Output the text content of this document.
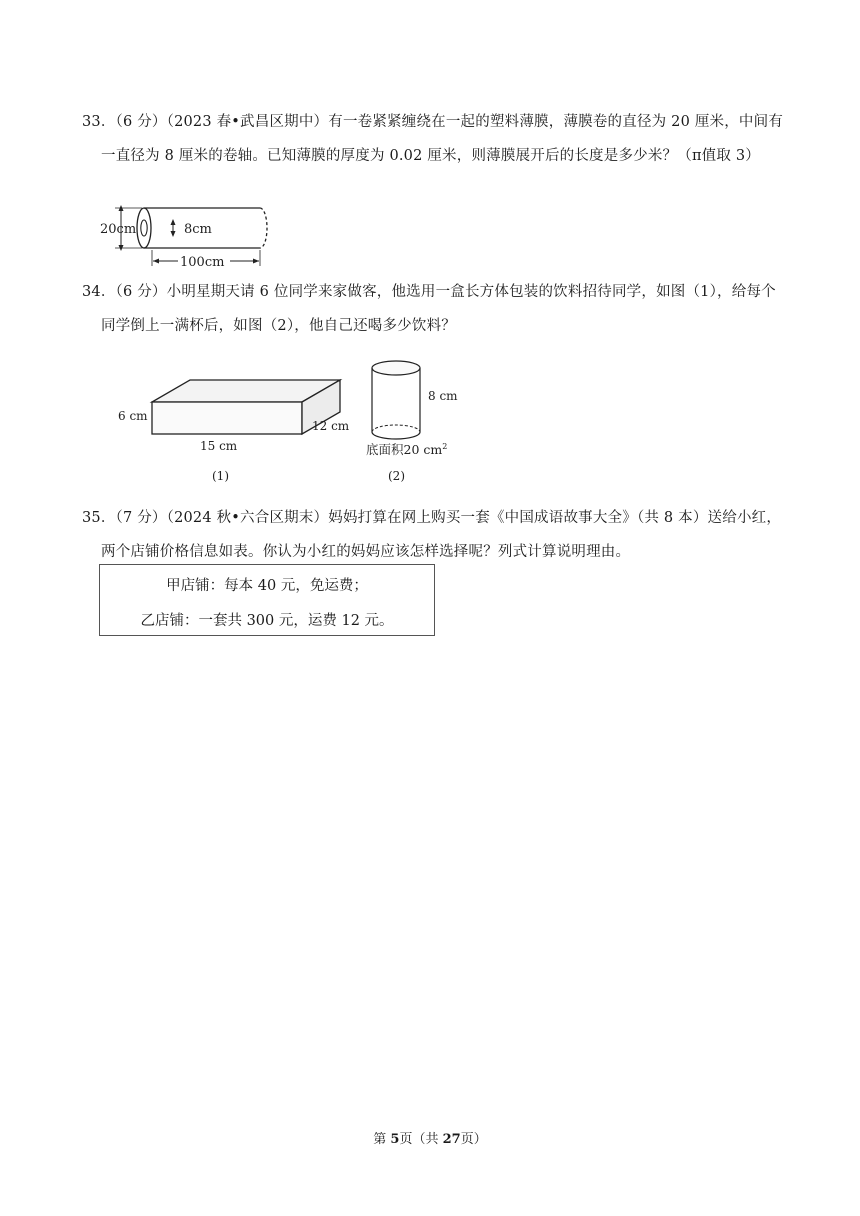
33．（6 分）（2023 春•武昌区期中）有一卷紧紧缠绕在一起的塑料薄膜，薄膜卷的直径为 20 厘米，中间有
一直径为 8 厘米的卷轴。已知薄膜的厚度为 0.02 厘米，则薄膜展开后的长度是多少米？（π值取 3）
20cm	8cm
100cm
34．（6 分）小明星期天请 6 位同学来家做客，他选用一盒长方体包装的饮料招待同学，如图（1），给每个
同学倒上一满杯后，如图（2），他自己还喝多少饮料？
6 cm
15 cm
12 cm
(1)
8 cm
底面积20 $cm^2$
(2)
35．（7 分）（2024 秋•六合区期末）妈妈打算在网上购买一套《中国成语故事大全》（共 8 本）送给小红，
两个店铺价格信息如表。你认为小红的妈妈应该怎样选择呢？列式计算说明理由。
甲店铺：每本 40 元，免运费；
乙店铺：一套共 300 元，运费 12 元。
第 5页（共 27页）
